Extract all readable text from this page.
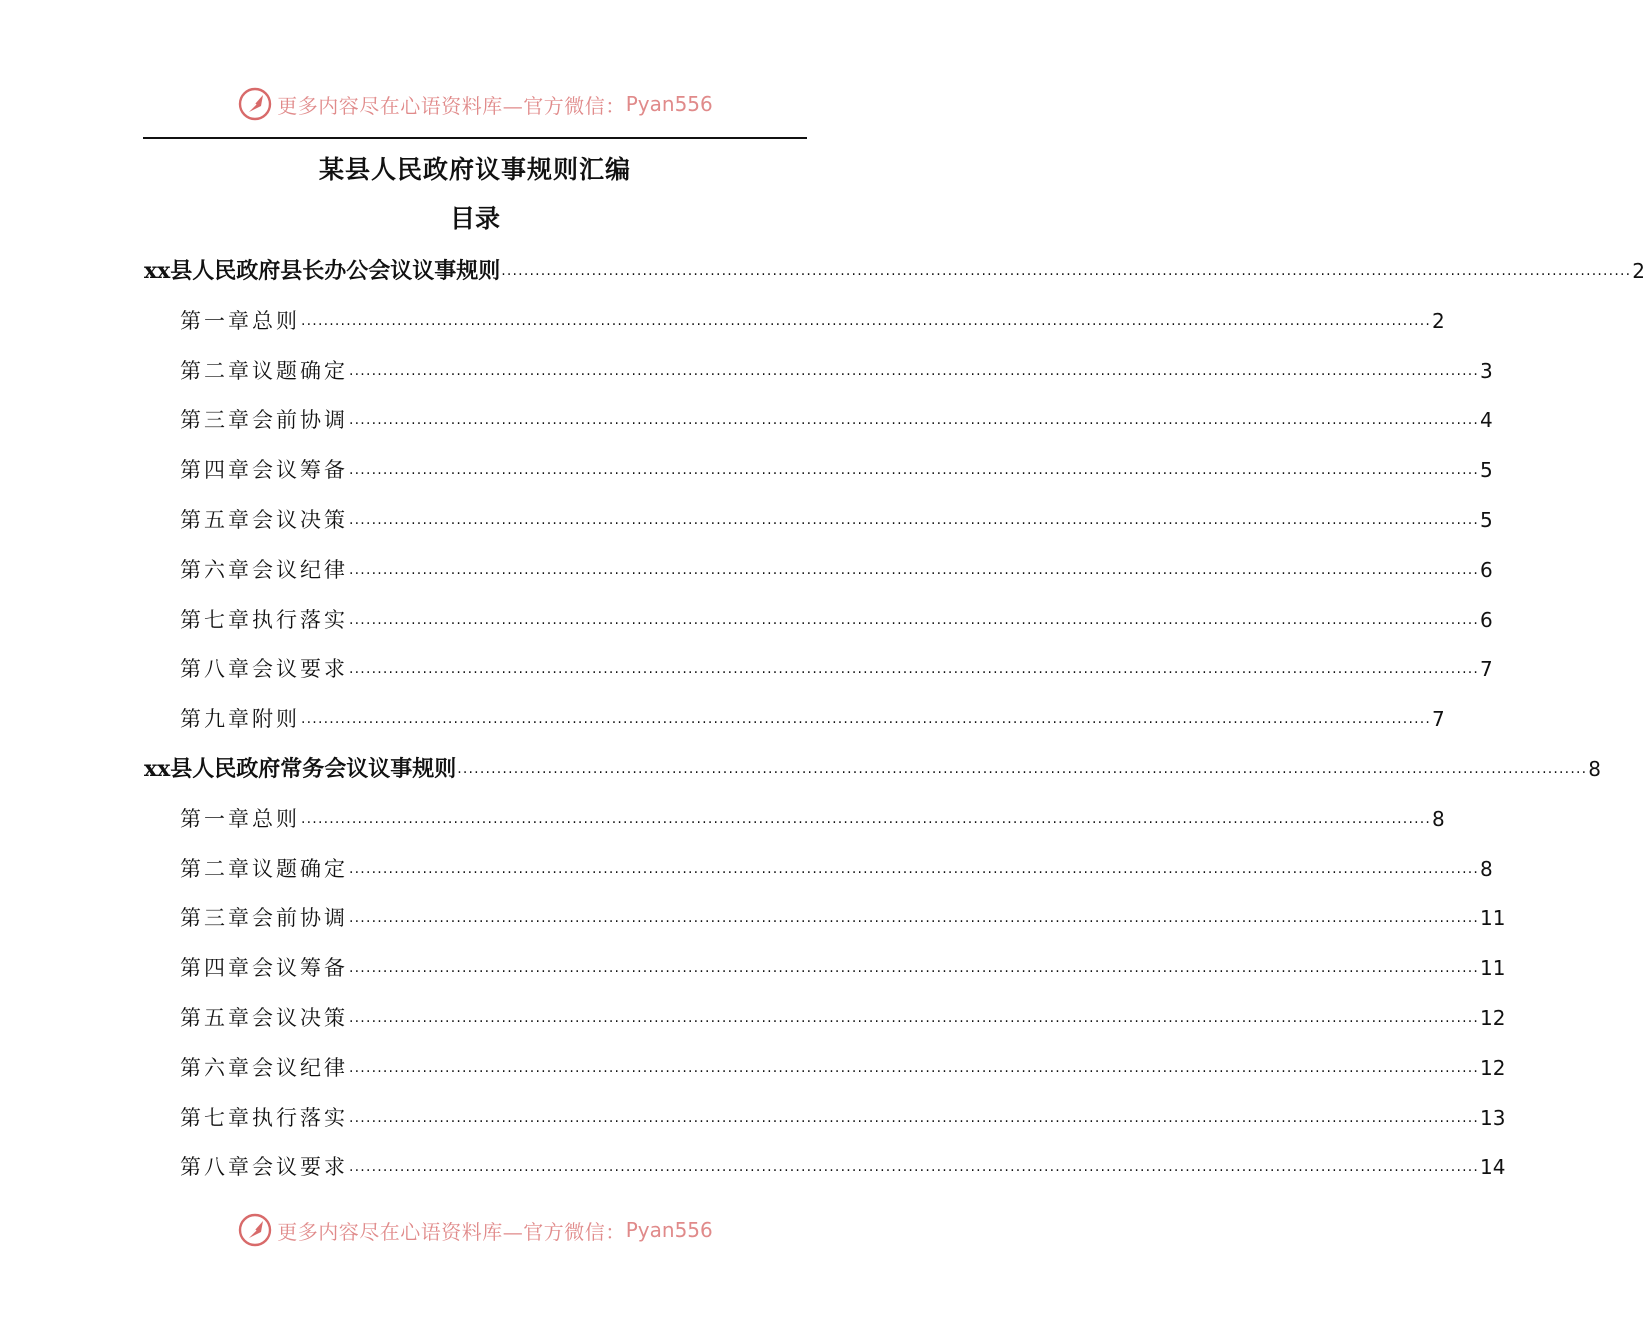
更多内容尽在心语资料库—官方微信： Pyan556
某县人民政府议事规则汇编
目录
xx县人民政府县长办公会议议事规则 ........................................................................................................................................................................................................ 2
第一章总则 ........................................................................................................................................................................................................ 2
第二章议题确定 ........................................................................................................................................................................................................ 3
第三章会前协调 ........................................................................................................................................................................................................ 4
第四章会议筹备 ........................................................................................................................................................................................................ 5
第五章会议决策 ........................................................................................................................................................................................................ 5
第六章会议纪律 ........................................................................................................................................................................................................ 6
第七章执行落实 ........................................................................................................................................................................................................ 6
第八章会议要求 ........................................................................................................................................................................................................ 7
第九章附则 ........................................................................................................................................................................................................ 7
xx县人民政府常务会议议事规则 ........................................................................................................................................................................................................ 8
第一章总则 ........................................................................................................................................................................................................ 8
第二章议题确定 ........................................................................................................................................................................................................ 8
第三章会前协调 ........................................................................................................................................................................................................ 11
第四章会议筹备 ........................................................................................................................................................................................................ 11
第五章会议决策 ........................................................................................................................................................................................................ 12
第六章会议纪律 ........................................................................................................................................................................................................ 12
第七章执行落实 ........................................................................................................................................................................................................ 13
第八章会议要求 ........................................................................................................................................................................................................ 14
更多内容尽在心语资料库—官方微信： Pyan556
